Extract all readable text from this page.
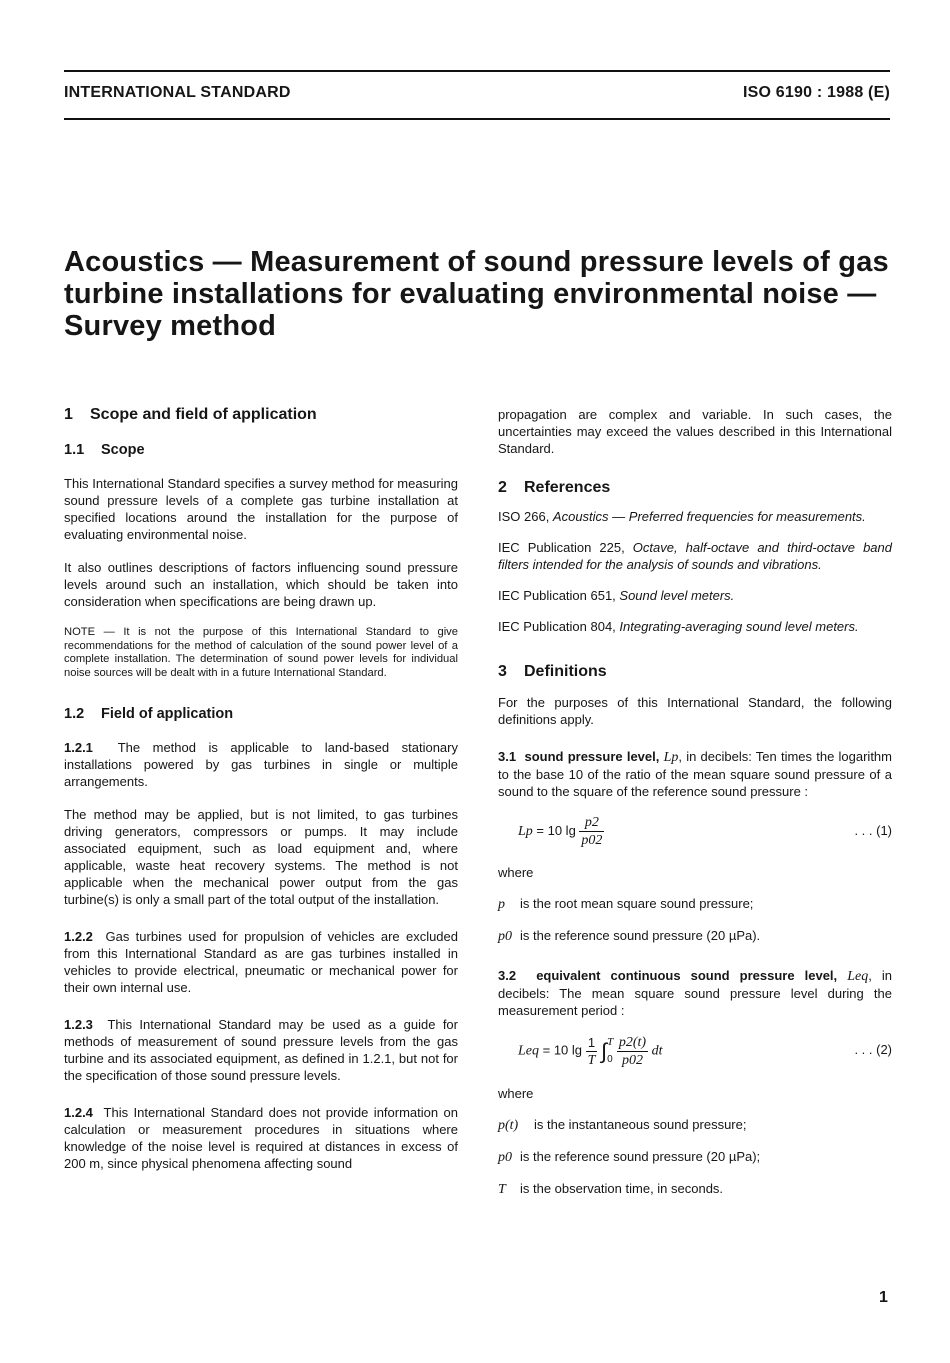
INTERNATIONAL STANDARD	ISO 6190 : 1988 (E)
Acoustics — Measurement of sound pressure levels of gas turbine installations for evaluating environmental noise — Survey method
1 Scope and field of application
1.1 Scope

This International Standard specifies a survey method for measuring sound pressure levels of a complete gas turbine installation at specified locations around the installation for the purpose of evaluating environmental noise.

It also outlines descriptions of factors influencing sound pressure levels around such an installation, which should be taken into consideration when specifications are being drawn up.

NOTE — It is not the purpose of this International Standard to give recommendations for the method of calculation of the sound power level of a complete installation. The determination of sound power levels for individual noise sources will be dealt with in a future International Standard.

1.2 Field of application

1.2.1 The method is applicable to land-based stationary installations powered by gas turbines in single or multiple arrangements.

The method may be applied, but is not limited, to gas turbines driving generators, compressors or pumps. It may include associated equipment, such as load equipment and, where applicable, waste heat recovery systems. The method is not applicable when the mechanical power output from the gas turbine(s) is only a small part of the total output of the installation.

1.2.2 Gas turbines used for propulsion of vehicles are excluded from this International Standard as are gas turbines installed in vehicles to provide electrical, pneumatic or mechanical power for their own internal use.

1.2.3 This International Standard may be used as a guide for methods of measurement of sound pressure levels from the gas turbine and its associated equipment, as defined in 1.2.1, but not for the specification of those sound pressure levels.

1.2.4 This International Standard does not provide information on calculation or measurement procedures in situations where knowledge of the noise level is required at distances in excess of 200 m, since physical phenomena affecting sound

propagation are complex and variable. In such cases, the uncertainties may exceed the values described in this International Standard.

2 References

ISO 266, Acoustics — Preferred frequencies for measurements.

IEC Publication 225, Octave, half-octave and third-octave band filters intended for the analysis of sounds and vibrations.

IEC Publication 651, Sound level meters.

IEC Publication 804, Integrating-averaging sound level meters.

3 Definitions

For the purposes of this International Standard, the following definitions apply.

3.1 sound pressure level, Lp, in decibels: Ten times the logarithm to the base 10 of the ratio of the mean square sound pressure of a sound to the square of the reference sound pressure :

Lp = 10 $\lg \frac{p2}{p02}$	. . . (1)

where

p is the root mean square sound pressure;

p0 is the reference sound pressure (20 µPa).

3.2 equivalent continuous sound pressure level, Leq, in decibels: The mean square sound pressure level during the measurement period :

Leq = 10 $\lg \frac{1}{T}$ ∫ T
0
$\frac{p2(t)}{p02}$ dt	. . . (2)

where

p(t) is the instantaneous sound pressure;

p0 is the reference sound pressure (20 µPa);

T is the observation time, in seconds.

1
